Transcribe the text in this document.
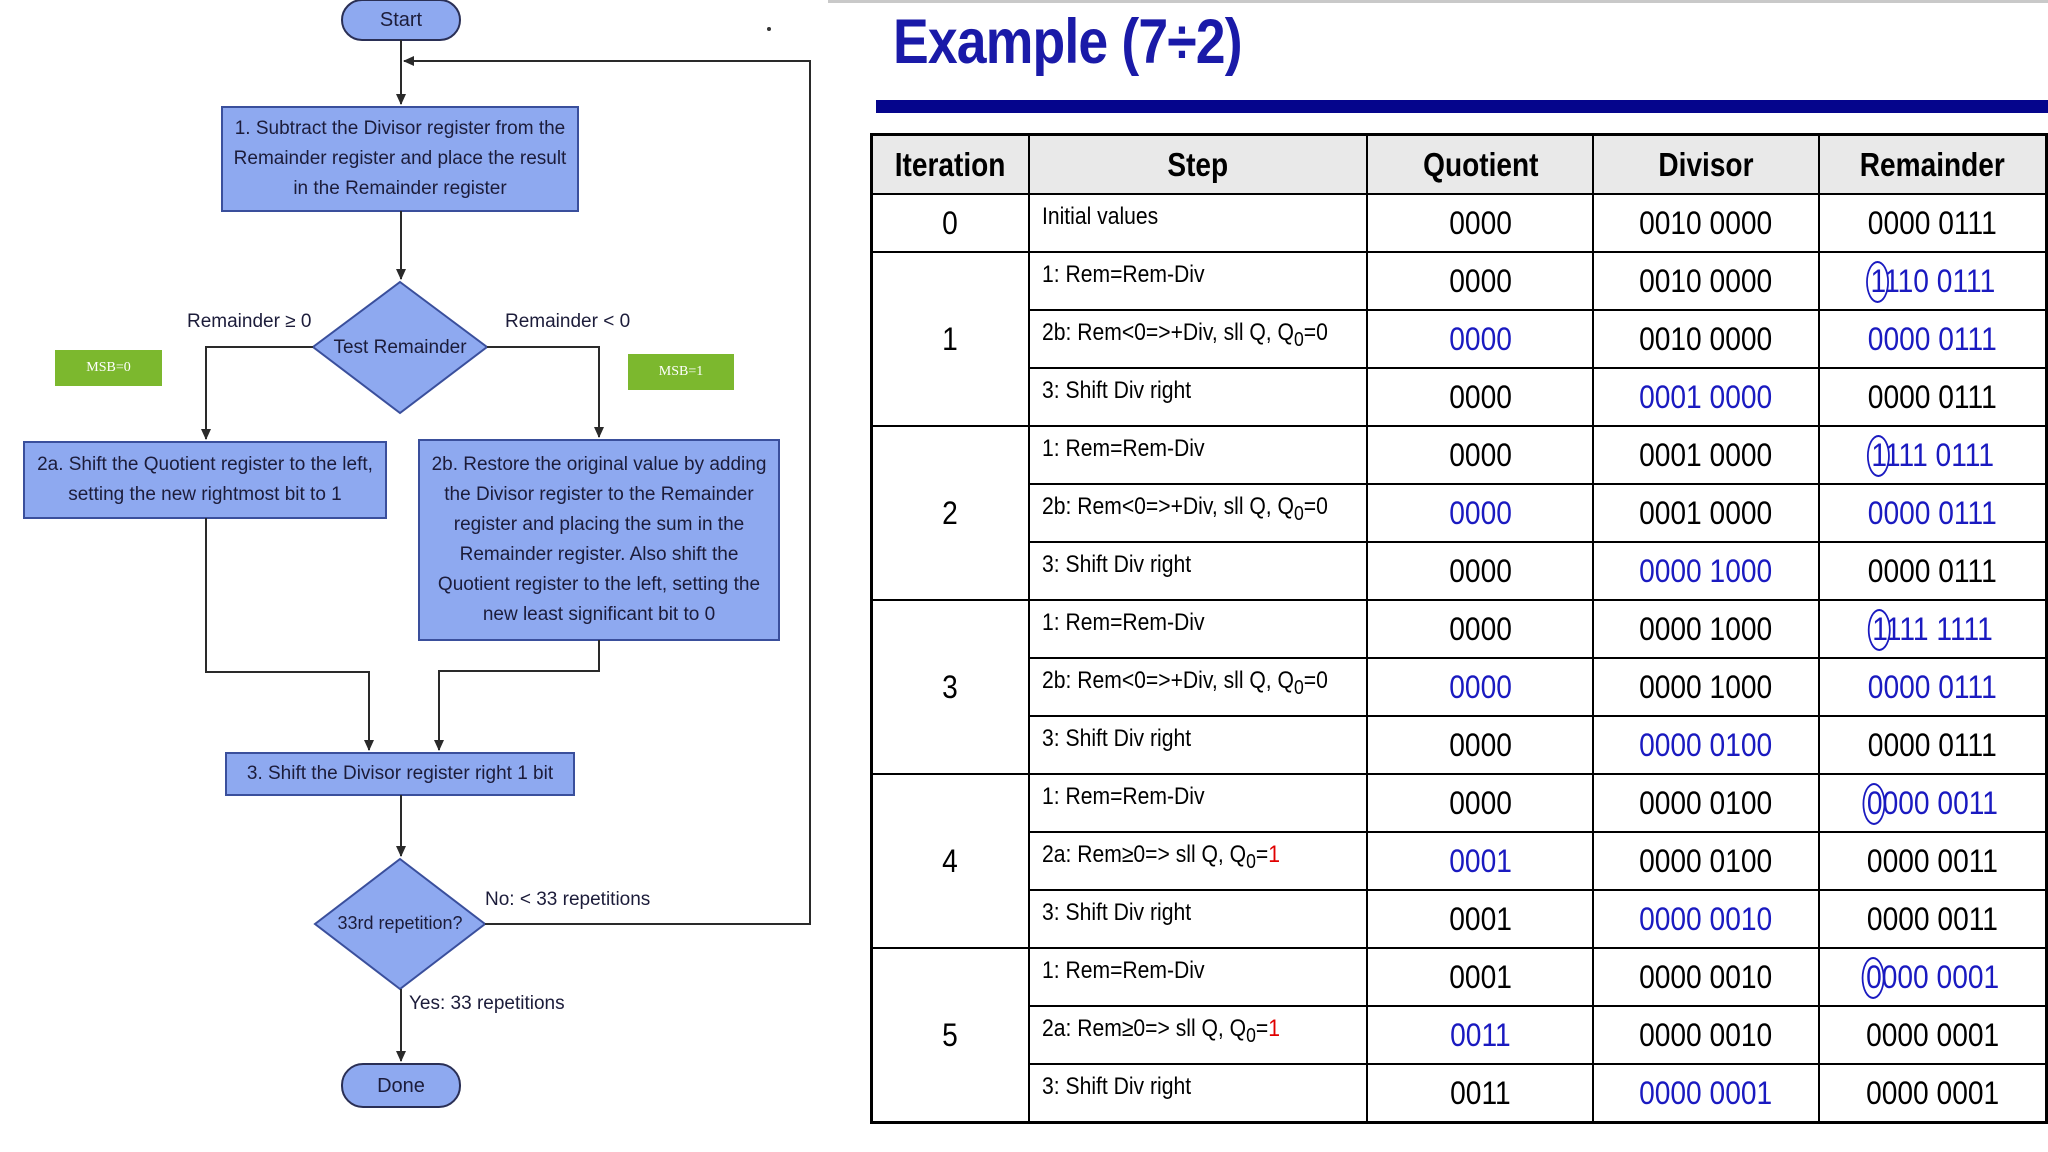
Start
1. Subtract the Divisor register from the Remainder register and place the result in the Remainder register
Test Remainder
Remainder ≥ 0	Remainder < 0
MSB=0	MSB=1
2a. Shift the Quotient register to the left, setting the new rightmost bit to 1
2b. Restore the original value by adding the Divisor register to the Remainder register and placing the sum in the Remainder register. Also shift the Quotient register to the left, setting the new least significant bit to 0
3. Shift the Divisor register right 1 bit
33rd repetition?
No: < 33 repetitions
Yes: 33 repetitions
Done
Example (7÷2)
Iteration	Step	Quotient	Divisor	Remainder
0	Initial values	0000	0010 0000	0000 0111
1	1: Rem=Rem-Div	0000	0010 0000	1110 0111
	2b: Rem<0=>+Div, sll Q, $Q_0=0$	0000	0010 0000	0000 0111
	3: Shift Div right	0000	0001 0000	0000 0111
2	1: Rem=Rem-Div	0000	0001 0000	1111 0111
	2b: Rem<0=>+Div, sll Q, $Q_0=0$	0000	0001 0000	0000 0111
	3: Shift Div right	0000	0000 1000	0000 0111
3	1: Rem=Rem-Div	0000	0000 1000	1111 1111
	2b: Rem<0=>+Div, sll Q, $Q_0=0$	0000	0000 1000	0000 0111
	3: Shift Div right	0000	0000 0100	0000 0111
4	1: Rem=Rem-Div	0000	0000 0100	0000 0011
	2a: Rem≥0=> sll Q, $Q_0=1$	0001	0000 0100	0000 0011
	3: Shift Div right	0001	0000 0010	0000 0011
5	1: Rem=Rem-Div	0001	0000 0010	0000 0001
	2a: Rem≥0=> sll Q, $Q_0=1$	0011	0000 0010	0000 0001
	3: Shift Div right	0011	0000 0001	0000 0001
